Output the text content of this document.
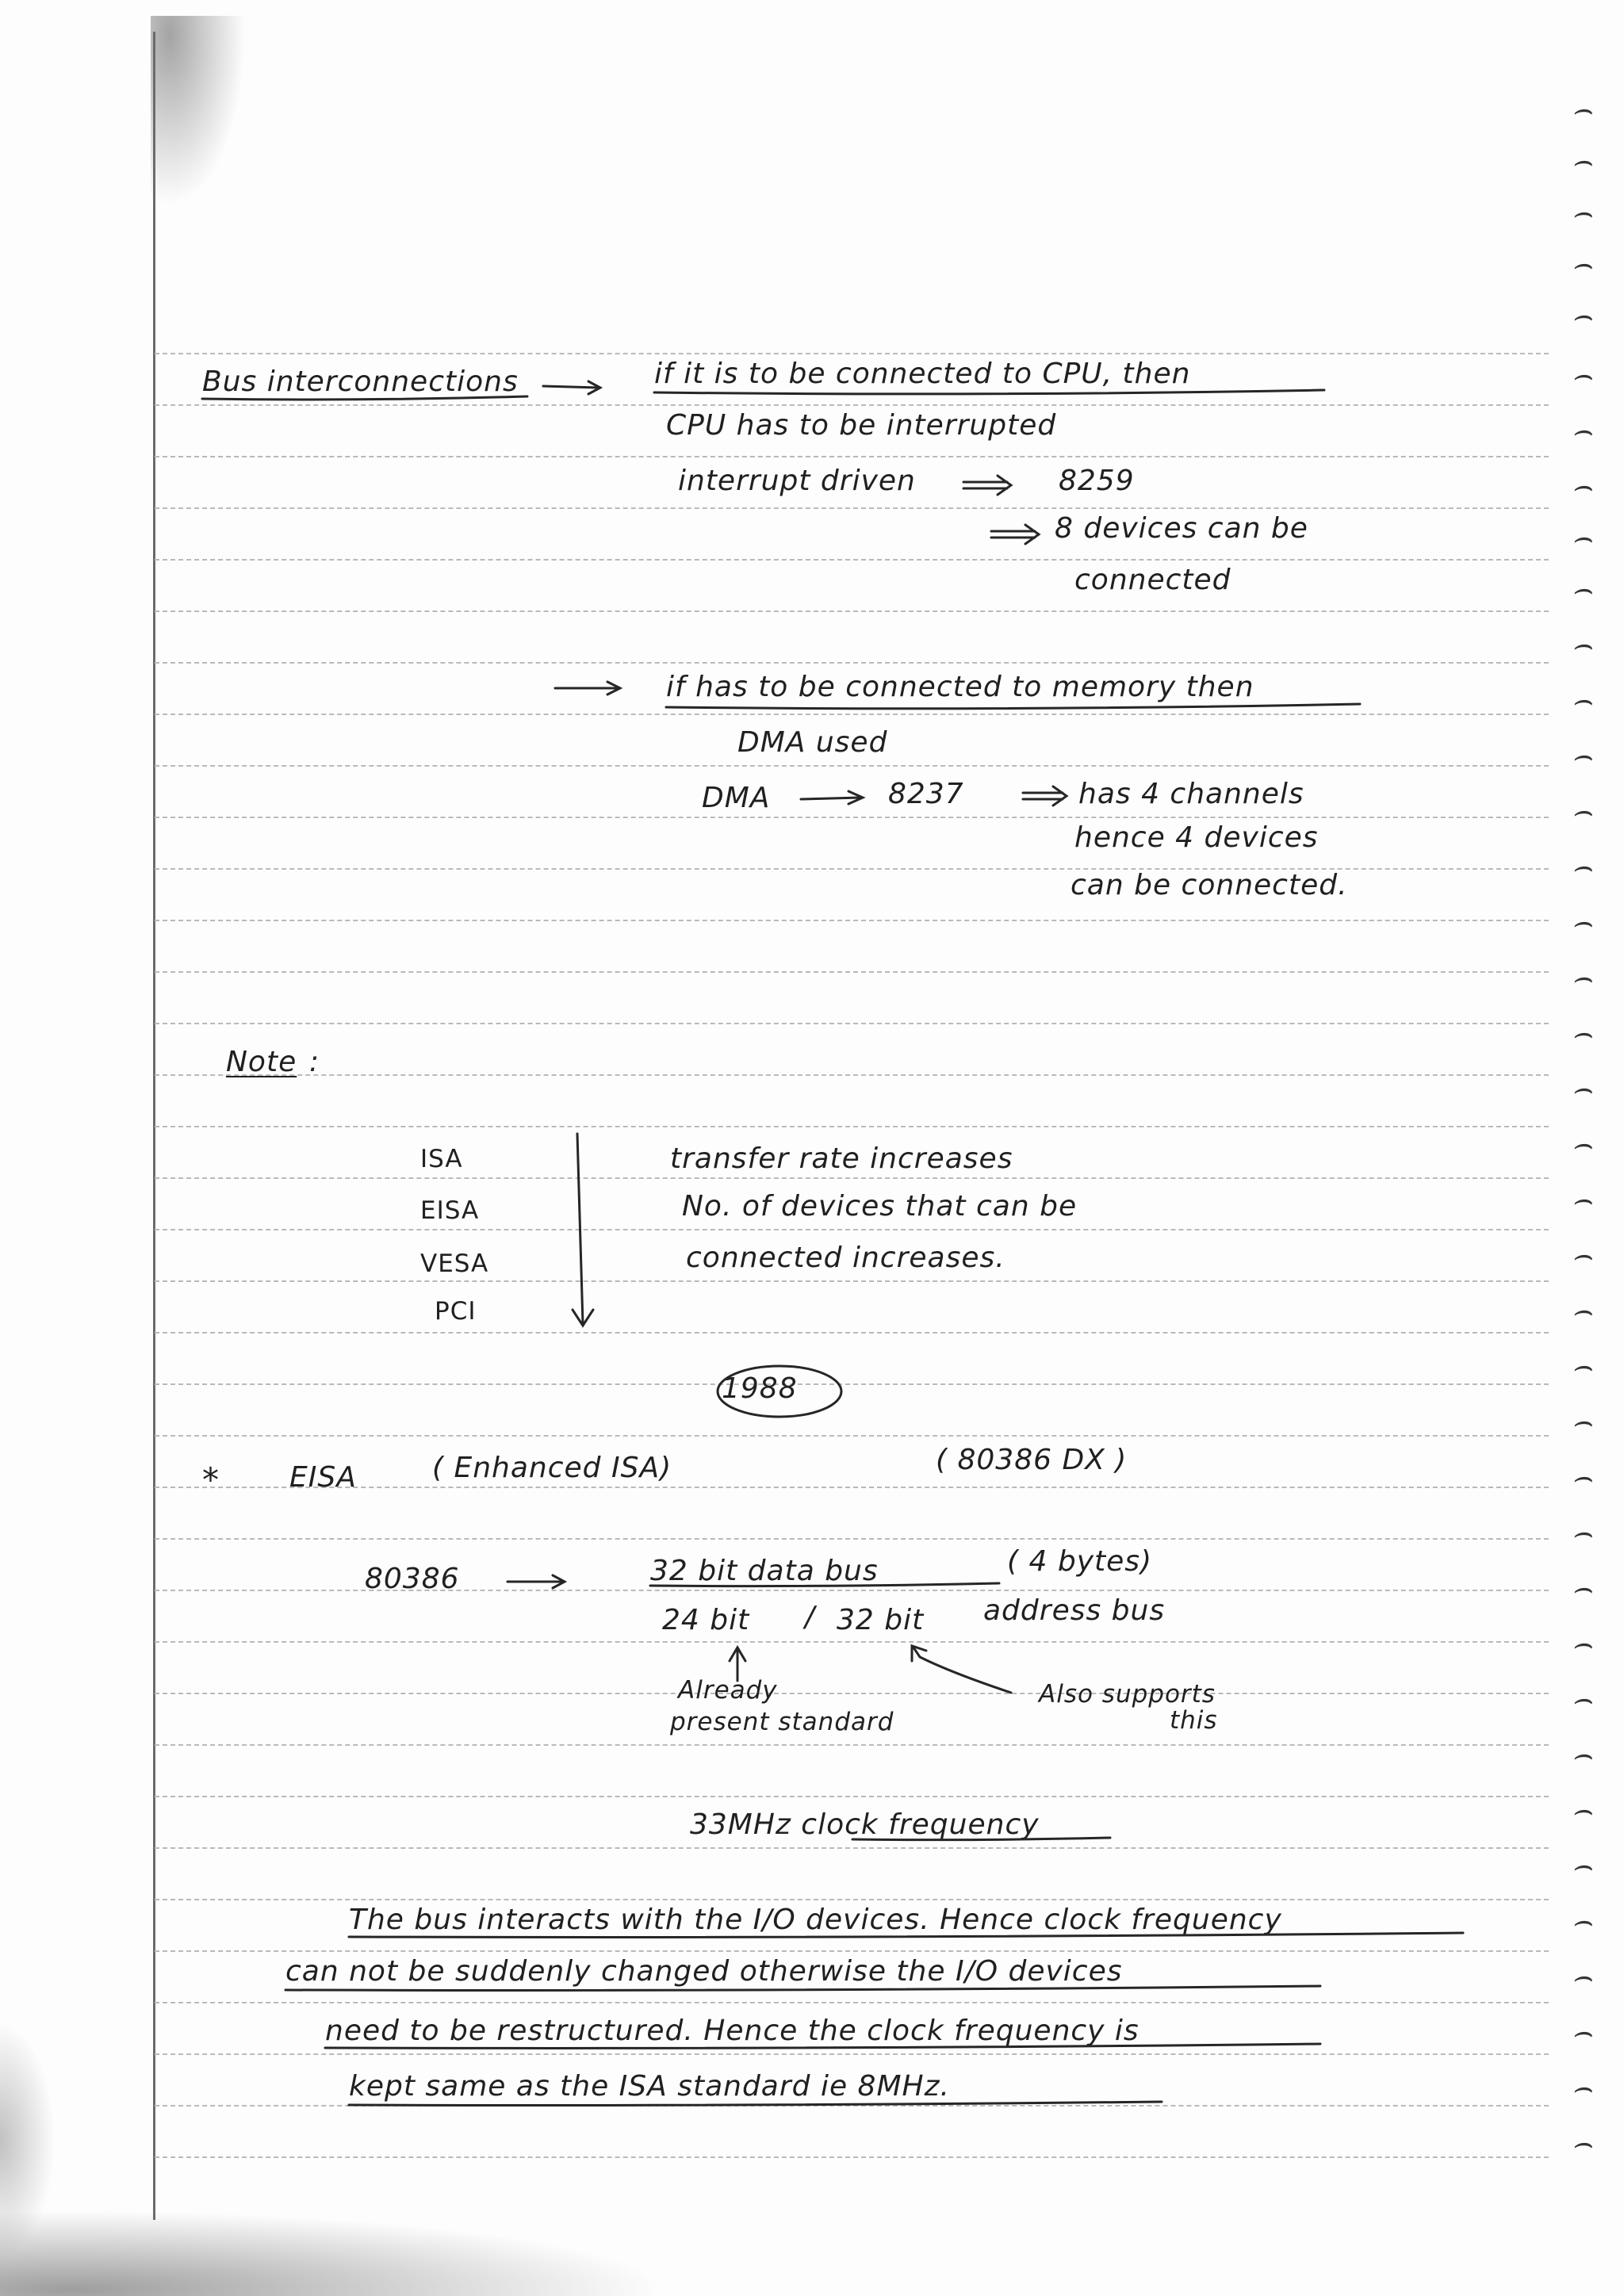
⌢
⌢
⌢
⌢
⌢
⌢
⌢
⌢
⌢
⌢
⌢
⌢
⌢
⌢
⌢
⌢
⌢
⌢
⌢
⌢
⌢
⌢
⌢
⌢
⌢
⌢
⌢
⌢
⌢
⌢
⌢
⌢
⌢
⌢
⌢
⌢
⌢
⌢
Bus interconnections	if it is to be connected to CPU, then
CPU has to be interrupted
interrupt driven	8259
8 devices can be
connected
if has to be connected to memory then
DMA used
DMA	8237	has 4 channels
hence 4 devices
can be connected.
Note :
ISA
EISA
VESA
PCI
transfer rate increases
No. of devices that can be
connected increases.
1988
* EISA	( Enhanced ISA)	( 80386 DX )
80386	32 bit data bus	( 4 bytes)
24 bit / 32 bit address bus
Already
present standard
Also supports
this
33MHz clock frequency
The bus interacts with the I/O devices. Hence clock frequency
can not be suddenly changed otherwise the I/O devices
need to be restructured. Hence the clock frequency is
kept same as the ISA standard ie 8MHz.
